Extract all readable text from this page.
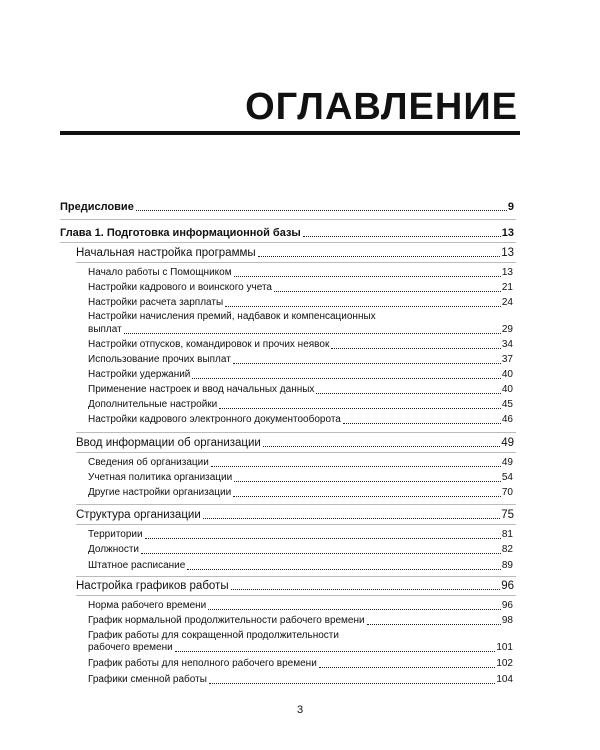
ОГЛАВЛЕНИЕ
Предисловие	9
Глава 1. Подготовка информационной базы	13
Начальная настройка программы	13
Начало работы с Помощником	13
Настройки кадрового и воинского учета	21
Настройки расчета зарплаты	24
Настройки начисления премий, надбавок и компенсационных
выплат	29
Настройки отпусков, командировок и прочих неявок	34
Использование прочих выплат	37
Настройки удержаний	40
Применение настроек и ввод начальных данных	40
Дополнительные настройки	45
Настройки кадрового электронного документооборота	46
Ввод информации об организации	49
Сведения об организации	49
Учетная политика организации	54
Другие настройки организации	70
Структура организации	75
Территории	81
Должности	82
Штатное расписание	89
Настройка графиков работы	96
Норма рабочего времени	96
График нормальной продолжительности рабочего времени	98
График работы для сокращенной продолжительности
рабочего времени	101
График работы для неполного рабочего времени	102
Графики сменной работы	104
3
